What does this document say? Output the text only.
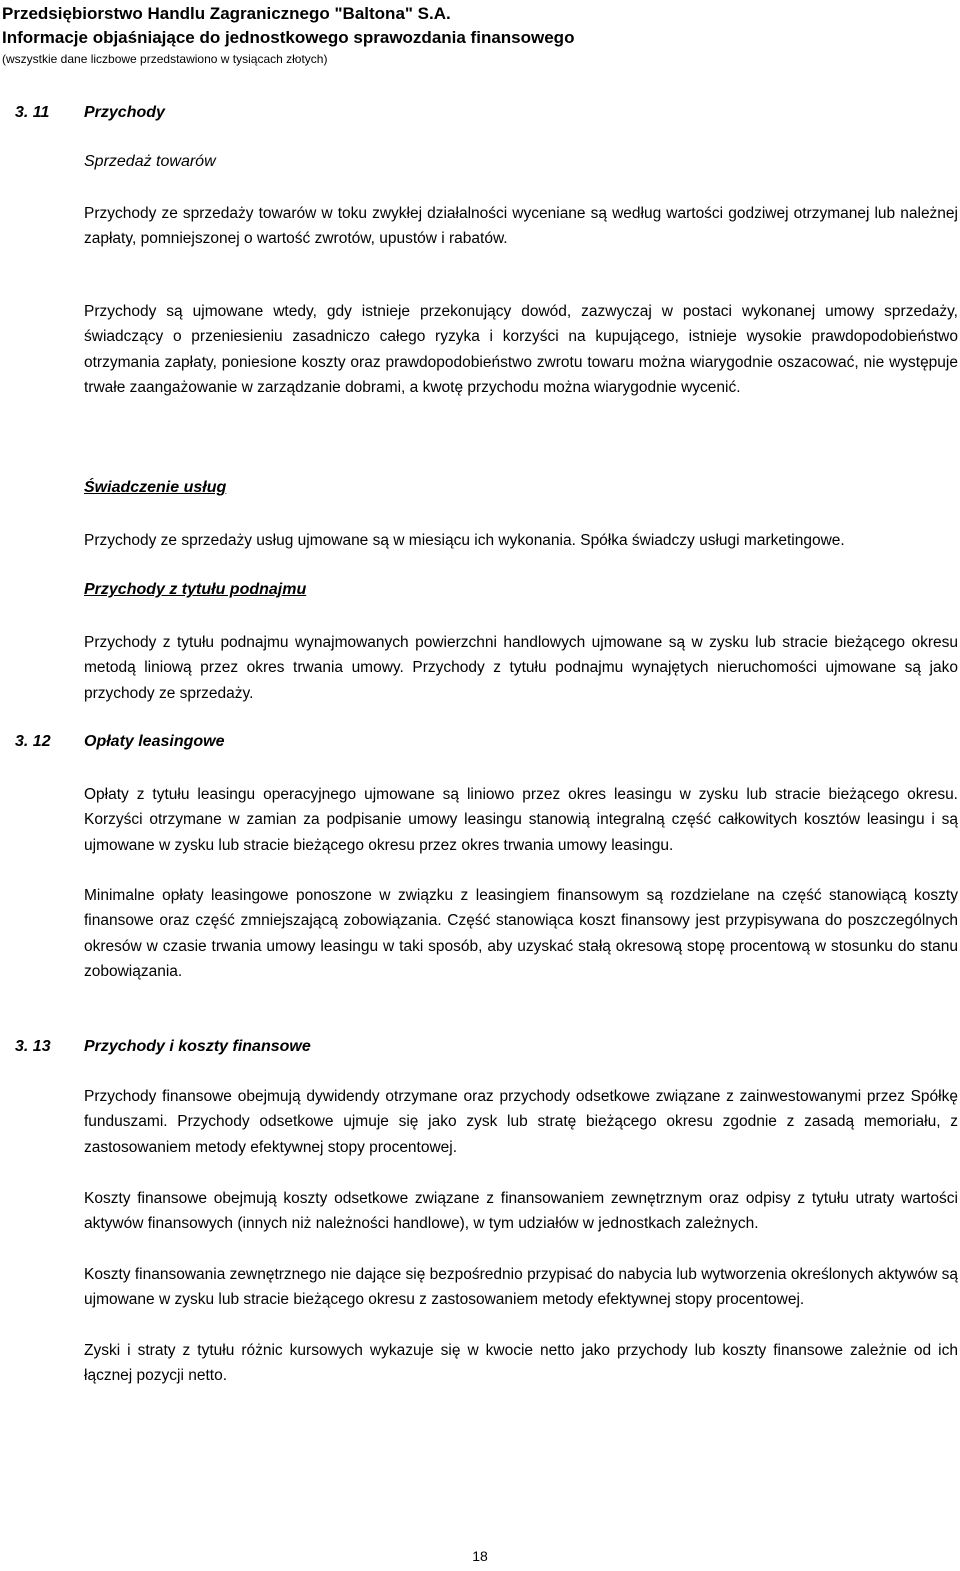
Przedsiębiorstwo Handlu Zagranicznego "Baltona" S.A.
Informacje objaśniające do jednostkowego sprawozdania finansowego
(wszystkie dane liczbowe przedstawiono w tysiącach złotych)
3. 11 Przychody
Sprzedaż towarów
Przychody ze sprzedaży towarów w toku zwykłej działalności wyceniane są według wartości godziwej otrzymanej lub należnej zapłaty, pomniejszonej o wartość zwrotów, upustów i rabatów.
Przychody są ujmowane wtedy, gdy istnieje przekonujący dowód, zazwyczaj w postaci wykonanej umowy sprzedaży, świadczący o przeniesieniu zasadniczo całego ryzyka i korzyści na kupującego, istnieje wysokie prawdopodobieństwo otrzymania zapłaty, poniesione koszty oraz prawdopodobieństwo zwrotu towaru można wiarygodnie oszacować, nie występuje trwałe zaangażowanie w zarządzanie dobrami, a kwotę przychodu można wiarygodnie wycenić.
Świadczenie usług
Przychody ze sprzedaży usług ujmowane są w miesiącu ich wykonania. Spółka świadczy usługi marketingowe.
Przychody z tytułu podnajmu
Przychody z tytułu podnajmu wynajmowanych powierzchni handlowych ujmowane są w zysku lub stracie bieżącego okresu metodą liniową przez okres trwania umowy. Przychody z tytułu podnajmu wynajętych nieruchomości ujmowane są jako przychody ze sprzedaży.
3. 12 Opłaty leasingowe
Opłaty z tytułu leasingu operacyjnego ujmowane są liniowo przez okres leasingu w zysku lub stracie bieżącego okresu. Korzyści otrzymane w zamian za podpisanie umowy leasingu stanowią integralną część całkowitych kosztów leasingu i są ujmowane w zysku lub stracie bieżącego okresu przez okres trwania umowy leasingu.
Minimalne opłaty leasingowe ponoszone w związku z leasingiem finansowym są rozdzielane na część stanowiącą koszty finansowe oraz część zmniejszającą zobowiązania. Część stanowiąca koszt finansowy jest przypisywana do poszczególnych okresów w czasie trwania umowy leasingu w taki sposób, aby uzyskać stałą okresową stopę procentową w stosunku do stanu zobowiązania.
3. 13 Przychody i koszty finansowe
Przychody finansowe obejmują dywidendy otrzymane oraz przychody odsetkowe związane z zainwestowanymi przez Spółkę funduszami. Przychody odsetkowe ujmuje się jako zysk lub stratę bieżącego okresu zgodnie z zasadą memoriału, z zastosowaniem metody efektywnej stopy procentowej.
Koszty finansowe obejmują koszty odsetkowe związane z finansowaniem zewnętrznym oraz odpisy z tytułu utraty wartości aktywów finansowych (innych niż należności handlowe), w tym udziałów w jednostkach zależnych.
Koszty finansowania zewnętrznego nie dające się bezpośrednio przypisać do nabycia lub wytworzenia określonych aktywów są ujmowane w zysku lub stracie bieżącego okresu z zastosowaniem metody efektywnej stopy procentowej.
Zyski i straty z tytułu różnic kursowych wykazuje się w kwocie netto jako przychody lub koszty finansowe zależnie od ich łącznej pozycji netto.
18
